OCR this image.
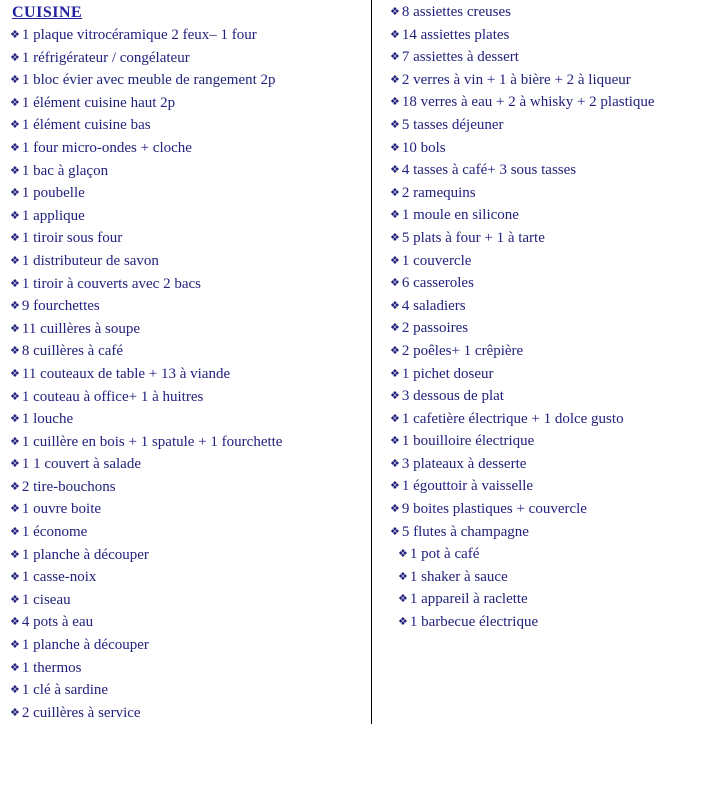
CUISINE
❖ 1 plaque vitrocéramique 2 feux– 1 four
❖ 1 réfrigérateur / congélateur
❖ 1 bloc évier avec meuble de rangement 2p
❖ 1 élément cuisine haut 2p
❖ 1 élément cuisine bas
❖ 1 four micro-ondes + cloche
❖ 1 bac à glaçon
❖ 1 poubelle
❖ 1 applique
❖ 1 tiroir sous four
❖ 1 distributeur de savon
❖ 1 tiroir à couverts avec 2 bacs
❖ 9 fourchettes
❖ 11 cuillères à soupe
❖ 8 cuillères à café
❖ 11 couteaux de table + 13 à viande
❖ 1 couteau à office+ 1 à huitres
❖ 1 louche
❖ 1 cuillère en bois + 1 spatule + 1 fourchette
❖ 1 1 couvert à salade
❖ 2 tire-bouchons
❖ 1 ouvre boite
❖ 1 économe
❖ 1 planche à découper
❖ 1 casse-noix
❖ 1 ciseau
❖ 4 pots à eau
❖ 1 planche à découper
❖ 1 thermos
❖ 1 clé à sardine
❖ 2 cuillères à service
❖ 8 assiettes creuses
❖ 14 assiettes plates
❖ 7 assiettes à dessert
❖ 2 verres à vin + 1 à bière + 2 à liqueur
❖ 18 verres à eau + 2 à whisky + 2 plastique
❖ 5 tasses déjeuner
❖ 10 bols
❖ 4 tasses à café+ 3 sous tasses
❖ 2 ramequins
❖ 1 moule en silicone
❖ 5 plats à four + 1 à tarte
❖ 1 couvercle
❖ 6 casseroles
❖ 4 saladiers
❖ 2 passoires
❖ 2 poêles+ 1 crêpière
❖ 1 pichet doseur
❖ 3 dessous de plat
❖ 1 cafetière électrique + 1 dolce gusto
❖ 1 bouilloire électrique
❖ 3 plateaux à desserte
❖ 1 égouttoir à vaisselle
❖ 9 boites plastiques + couvercle
❖ 5 flutes à champagne
❖ 1 pot à café
❖ 1 shaker à sauce
❖ 1 appareil à raclette
❖ 1 barbecue électrique
